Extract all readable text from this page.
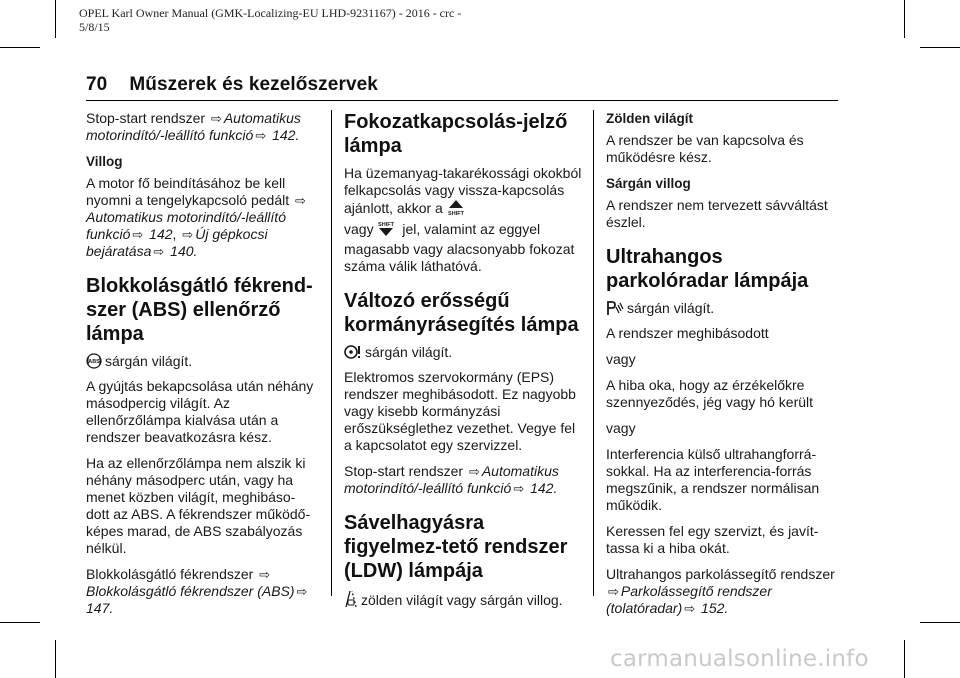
OPEL Karl Owner Manual (GMK-Localizing-EU LHD-9231167) - 2016 - crc -
5/8/15
70 Műszerek és kezelőszervek

Stop-start rendszer ⇨ Automatikus motorindító/-leállító funkció ⇨ 142.

Villog

A motor fő beindításához be kell nyomni a tengelykapcsoló pedált ⇨Automatikus motorindító/-leállító funkció ⇨ 142, ⇨ Új gépkocsi bejáratása ⇨ 140.

Blokkolásgátló fékrend-szer (ABS) ellenőrző lámpa

ABS sárgán világít.

A gyújtás bekapcsolása után néhány másodpercig világít. Az ellenőrzőlámpa kialvása után a rendszer beavatkozásra kész.

Ha az ellenőrzőlámpa nem alszik ki néhány másodperc után, vagy ha menet közben világít, meghibáso-dott az ABS. A fékrendszer működő-képes marad, de ABS szabályozás nélkül.

Blokkolásgátló fékrendszer ⇨Blokkolásgátló fékrendszer (ABS) ⇨ 147.

Fokozatkapcsolás-jelző lámpa

Ha üzemanyag-takarékossági okokból felkapcsolás vagy vissza-kapcsolás ajánlott, akkor a SHIFT

vagy SHIFT jel, valamint az eggyel magasabb vagy alacsonyabb fokozat száma válik láthatóvá.

Változó erősségű kormányrásegítés lámpa

sárgán világít.

Elektromos szervokormány (EPS) rendszer meghibásodott. Ez nagyobb vagy kisebb kormányzási erőszükséglethez vezethet. Vegye fel a kapcsolatot egy szervizzel.

Stop-start rendszer ⇨ Automatikus motorindító/-leállító funkció ⇨ 142.

Sávelhagyásra figyelmez-tető rendszer (LDW) lámpája

zölden világít vagy sárgán villog.

Zölden világít

A rendszer be van kapcsolva és működésre kész.

Sárgán villog

A rendszer nem tervezett sávváltást észlel.

Ultrahangos parkolóradar lámpája

sárgán világít.

A rendszer meghibásodott

vagy

A hiba oka, hogy az érzékelőkre szennyeződés, jég vagy hó került

vagy

Interferencia külső ultrahangforrá-sokkal. Ha az interferencia-forrás megszűnik, a rendszer normálisan működik.

Keressen fel egy szervizt, és javít-tassa ki a hiba okát.

Ultrahangos parkolássegítő rendszer ⇨ Parkolássegítő rendszer (tolatóradar) ⇨ 152.

carmanualsonline.info
